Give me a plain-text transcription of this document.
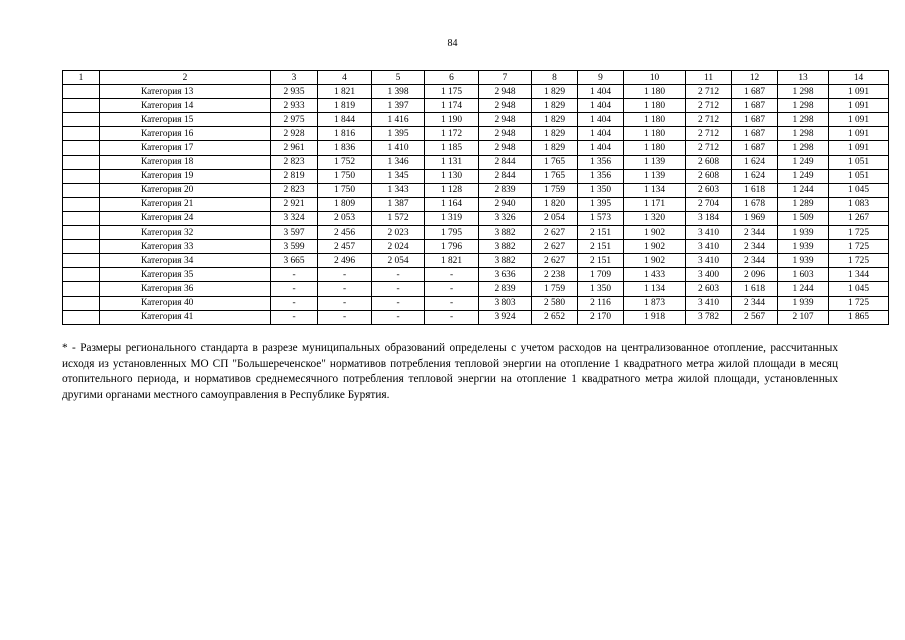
84
1	2	3	4	5	6	7	8	9	10	11	12	13	14
	Категория 13	2 935	1 821	1 398	1 175	2 948	1 829	1 404	1 180	2 712	1 687	1 298	1 091
	Категория 14	2 933	1 819	1 397	1 174	2 948	1 829	1 404	1 180	2 712	1 687	1 298	1 091
	Категория 15	2 975	1 844	1 416	1 190	2 948	1 829	1 404	1 180	2 712	1 687	1 298	1 091
	Категория 16	2 928	1 816	1 395	1 172	2 948	1 829	1 404	1 180	2 712	1 687	1 298	1 091
	Категория 17	2 961	1 836	1 410	1 185	2 948	1 829	1 404	1 180	2 712	1 687	1 298	1 091
	Категория 18	2 823	1 752	1 346	1 131	2 844	1 765	1 356	1 139	2 608	1 624	1 249	1 051
	Категория 19	2 819	1 750	1 345	1 130	2 844	1 765	1 356	1 139	2 608	1 624	1 249	1 051
	Категория 20	2 823	1 750	1 343	1 128	2 839	1 759	1 350	1 134	2 603	1 618	1 244	1 045
	Категория 21	2 921	1 809	1 387	1 164	2 940	1 820	1 395	1 171	2 704	1 678	1 289	1 083
	Категория 24	3 324	2 053	1 572	1 319	3 326	2 054	1 573	1 320	3 184	1 969	1 509	1 267
	Категория 32	3 597	2 456	2 023	1 795	3 882	2 627	2 151	1 902	3 410	2 344	1 939	1 725
	Категория 33	3 599	2 457	2 024	1 796	3 882	2 627	2 151	1 902	3 410	2 344	1 939	1 725
	Категория 34	3 665	2 496	2 054	1 821	3 882	2 627	2 151	1 902	3 410	2 344	1 939	1 725
	Категория 35	-	-	-	-	3 636	2 238	1 709	1 433	3 400	2 096	1 603	1 344
	Категория 36	-	-	-	-	2 839	1 759	1 350	1 134	2 603	1 618	1 244	1 045
	Категория 40	-	-	-	-	3 803	2 580	2 116	1 873	3 410	2 344	1 939	1 725
	Категория 41	-	-	-	-	3 924	2 652	2 170	1 918	3 782	2 567	2 107	1 865
* - Размеры регионального стандарта в разрезе муниципальных образований определены с учетом расходов на централизованное отопление, рассчитанных исходя из установленных МО СП "Большереченское" нормативов потребления тепловой энергии на отопление 1 квадратного метра жилой площади в месяц отопительного периода, и нормативов среднемесячного потребления тепловой энергии на отопление 1 квадратного метра жилой площади, установленных другими органами местного самоуправления в Республике Бурятия.
